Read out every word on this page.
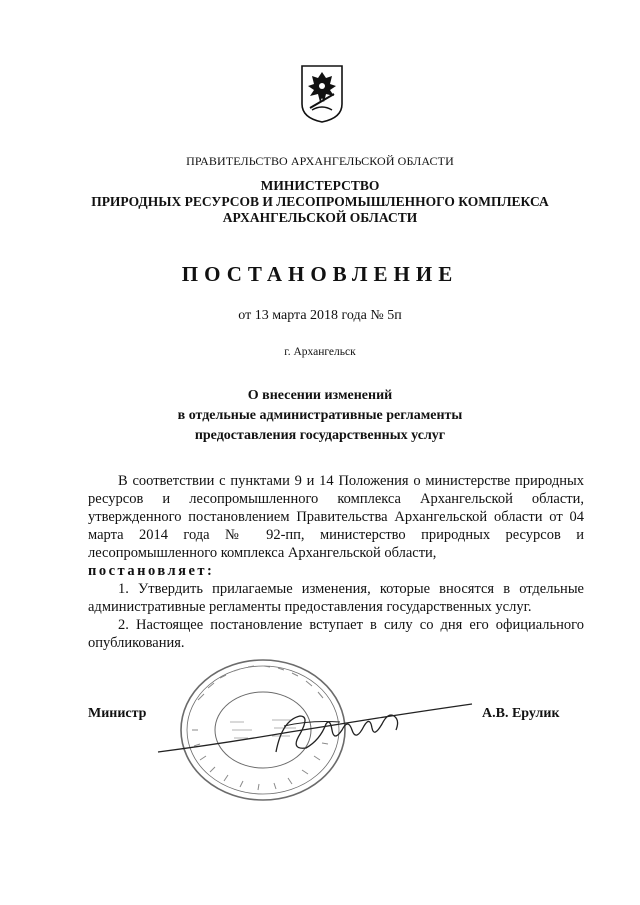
ПРАВИТЕЛЬСТВО АРХАНГЕЛЬСКОЙ ОБЛАСТИ
МИНИСТЕРСТВО
ПРИРОДНЫХ РЕСУРСОВ И ЛЕСОПРОМЫШЛЕННОГО КОМПЛЕКСА
АРХАНГЕЛЬСКОЙ ОБЛАСТИ
ПОСТАНОВЛЕНИЕ
от 13 марта 2018 года № 5п
г. Архангельск
О внесении изменений
в отдельные административные регламенты
предоставления государственных услуг

В соответствии с пунктами 9 и 14 Положения о министерстве природных ресурсов и лесопромышленного комплекса Архангельской области, утвержденного постановлением Правительства Архангельской области от 04 марта 2014 года № 92-пп, министерство природных ресурсов и лесопромышленного комплекса Архангельской области,
постановляет:

1. Утвердить прилагаемые изменения, которые вносятся в отдельные административные регламенты предоставления государственных услуг.

2. Настоящее постановление вступает в силу со дня его официального опубликования.

Министр	А.В. Ерулик
